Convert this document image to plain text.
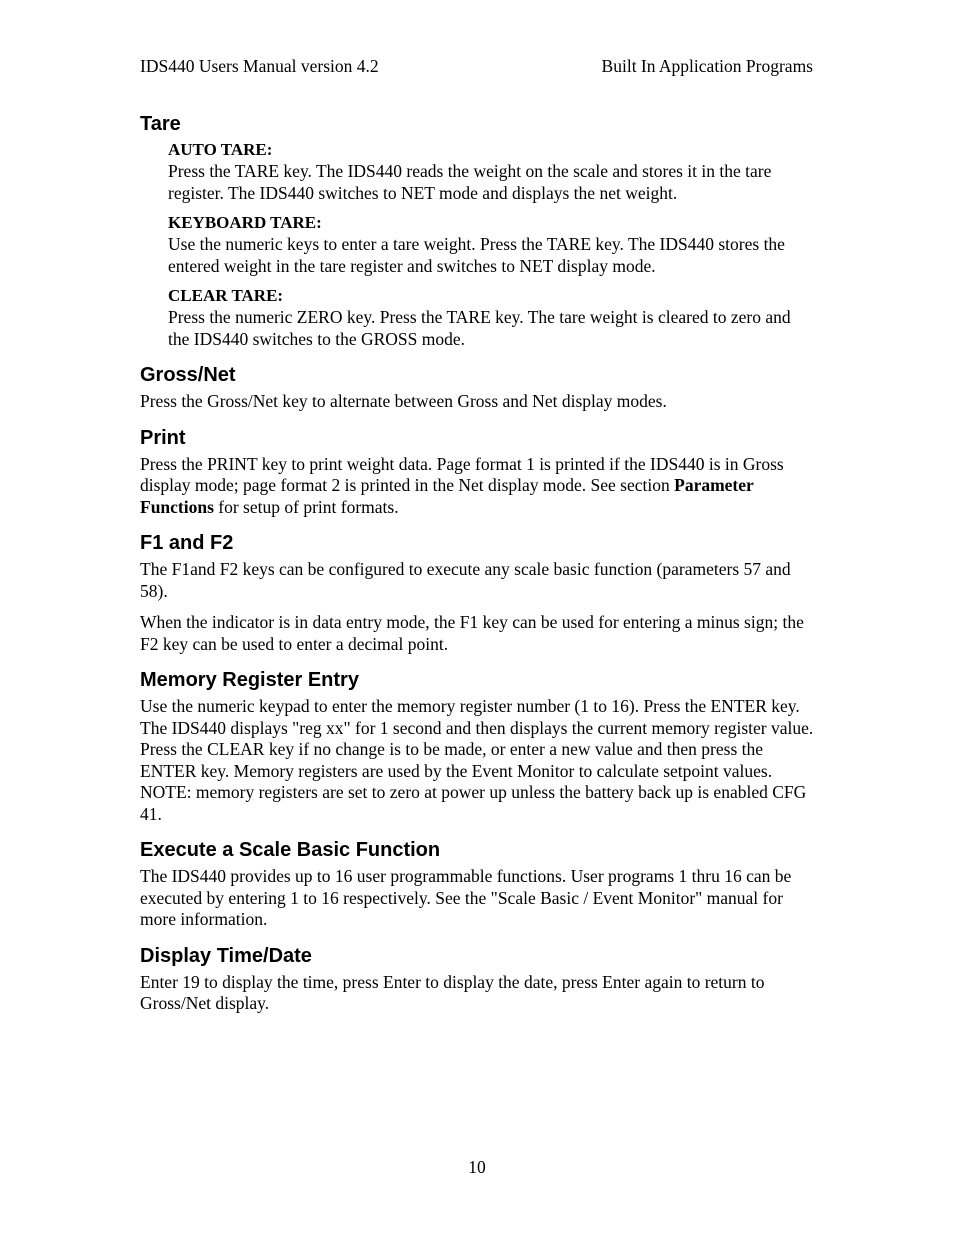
IDS440 Users Manual version 4.2	Built In Application Programs
Tare
AUTO TARE:

Press the TARE key. The IDS440 reads the weight on the scale and stores it in the tare register. The IDS440 switches to NET mode and displays the net weight.

KEYBOARD TARE:

Use the numeric keys to enter a tare weight. Press the TARE key. The IDS440 stores the entered weight in the tare register and switches to NET display mode.

CLEAR TARE:

Press the numeric ZERO key. Press the TARE key. The tare weight is cleared to zero and the IDS440 switches to the GROSS mode.

Gross/Net

Press the Gross/Net key to alternate between Gross and Net display modes.

Print

Press the PRINT key to print weight data. Page format 1 is printed if the IDS440 is in Gross display mode; page format 2 is printed in the Net display mode. See section Parameter Functions for setup of print formats.

F1 and F2

The F1and F2 keys can be configured to execute any scale basic function (parameters 57 and 58).

When the indicator is in data entry mode, the F1 key can be used for entering a minus sign; the F2 key can be used to enter a decimal point.

Memory Register Entry

Use the numeric keypad to enter the memory register number (1 to 16). Press the ENTER key. The IDS440 displays "reg xx" for 1 second and then displays the current memory register value. Press the CLEAR key if no change is to be made, or enter a new value and then press the ENTER key. Memory registers are used by the Event Monitor to calculate setpoint values. NOTE: memory registers are set to zero at power up unless the battery back up is enabled CFG 41.

Execute a Scale Basic Function

The IDS440 provides up to 16 user programmable functions. User programs 1 thru 16 can be executed by entering 1 to 16 respectively. See the "Scale Basic / Event Monitor" manual for more information.

Display Time/Date

Enter 19 to display the time, press Enter to display the date, press Enter again to return to Gross/Net display.

10
